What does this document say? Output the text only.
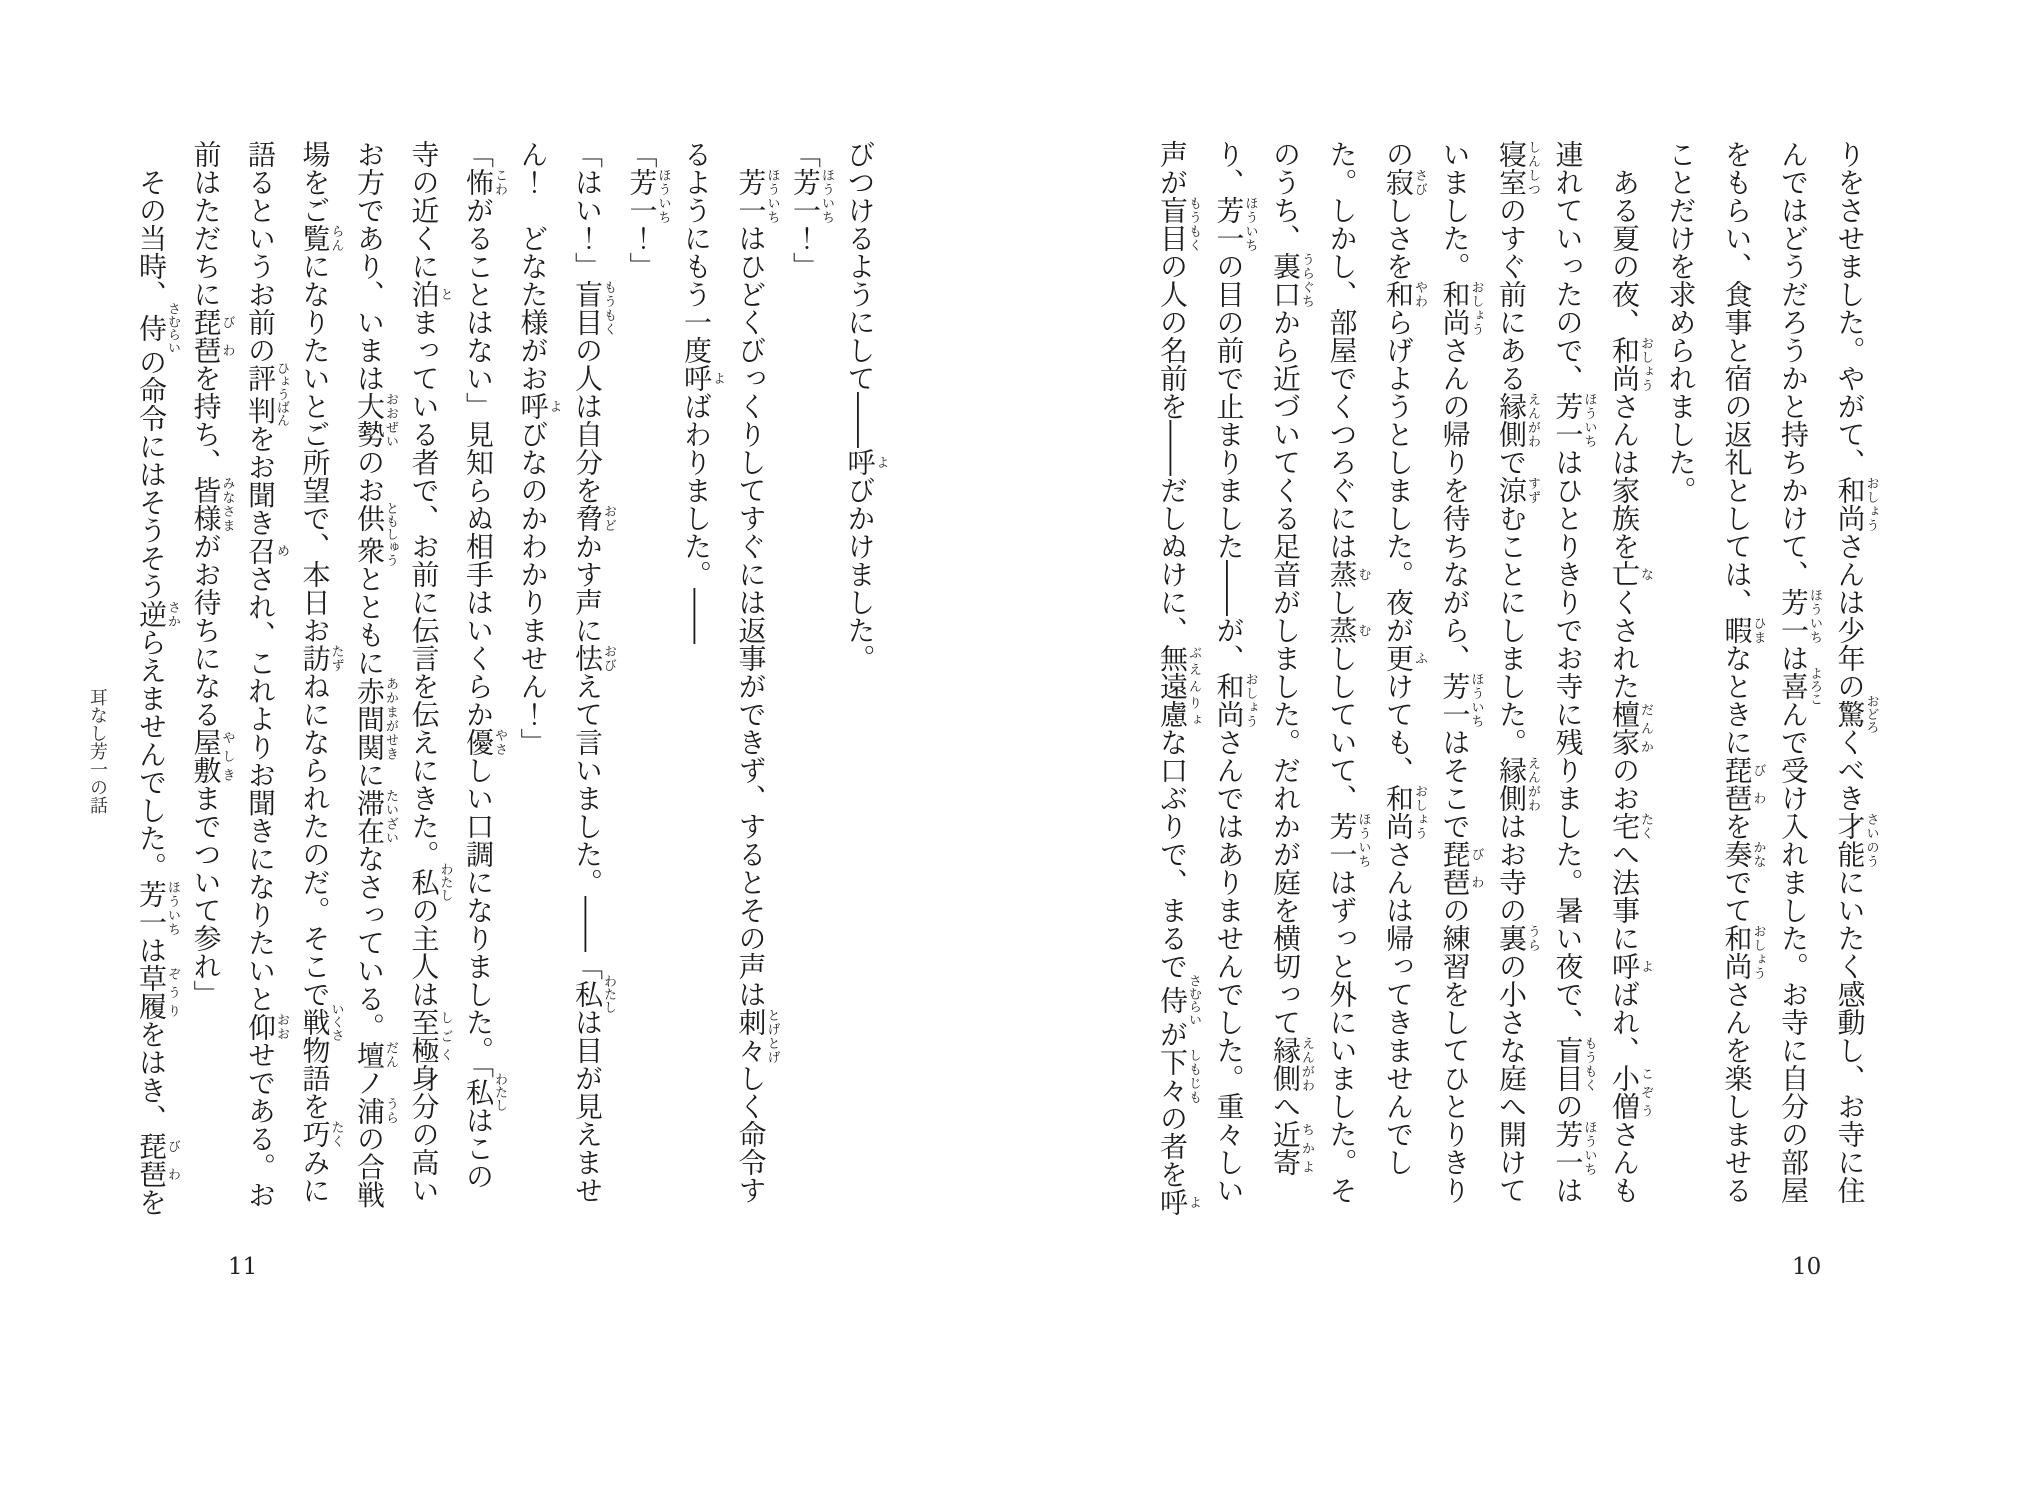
りをさせました。やがて、和尚おしょうさんは少年の驚おどろくべき才能さいのうにいたく感動し、お寺に住
んではどうだろうかと持ちかけて、芳一ほういちは喜よろこんで受け入れました。お寺に自分の部屋
をもらい、食事と宿の返礼としては、暇ひまなときに琵琶びわを奏かなでて和尚おしょうさんを楽しませる
ことだけを求められました。
ある夏の夜、和尚おしょうさんは家族を亡なくされた檀家だんかのお宅たくへ法事に呼よばれ、小僧こぞうさんも
連れていったので、芳一ほういちはひとりきりでお寺に残りました。暑い夜で、盲目もうもくの芳一ほういちは
寝室しんしつのすぐ前にある縁側えんがわで涼すずむことにしました。縁側えんがわはお寺の裏うらの小さな庭へ開けて
いました。和尚おしょうさんの帰りを待ちながら、芳一ほういちはそこで琵琶びわの練習をしてひとりきり
の寂さびしさを和やわらげようとしました。夜が更ふけても、和尚おしょうさんは帰ってきませんでし
た。しかし、部屋でくつろぐには蒸むし蒸むししていて、芳一ほういちはずっと外にいました。そ
のうち、裏口うらぐちから近づいてくる足音がしました。だれかが庭を横切って縁側えんがわへ近寄ちかよ
り、芳一ほういちの目の前で止まりました――が、和尚おしょうさんではありませんでした。重々しい
声が盲目もうもくの人の名前を――だしぬけに、無遠慮ぶえんりょな口ぶりで、まるで侍さむらいが下々しもじもの者を呼よ
10
びつけるようにして――呼よびかけました。
「芳一ほういち！」
芳一ほういちはひどくびっくりしてすぐには返事ができず、するとその声は刺々とげとげしく命令す
るようにもう一度呼よばわりました。――
「芳一ほういち！」
「はい！」盲目もうもくの人は自分を脅おどかす声に怯おびえて言いました。――「私わたしは目が見えませ
ん！　どなた様がお呼よびなのかわかりません！」
「怖こわがることはない」見知らぬ相手はいくらか優やさしい口調になりました。「私わたしはこの
寺の近くに泊とまっている者で、お前に伝言を伝えにきた。私わたしの主人は至極しごく身分の高い
お方であり、いまは大勢おおぜいのお供衆ともしゅうとともに赤間関あかまがせきに滞在たいざいなさっている。壇だんノ浦うらの合戦
場をご覧らんになりたいとご所望で、本日お訪たずねになられたのだ。そこで戦いくさ物語を巧たくみに
語るというお前の評判ひょうばんをお聞き召めされ、これよりお聞きになりたいと仰おおせである。お
前はただちに琵琶びわを持ち、皆様みなさまがお待ちになる屋敷やしきまでついて参れ」
その当時、侍さむらいの命令にはそうそう逆さからえませんでした。芳一ほういちは草履ぞうりをはき、琵琶びわを
耳なし芳一の話
11
